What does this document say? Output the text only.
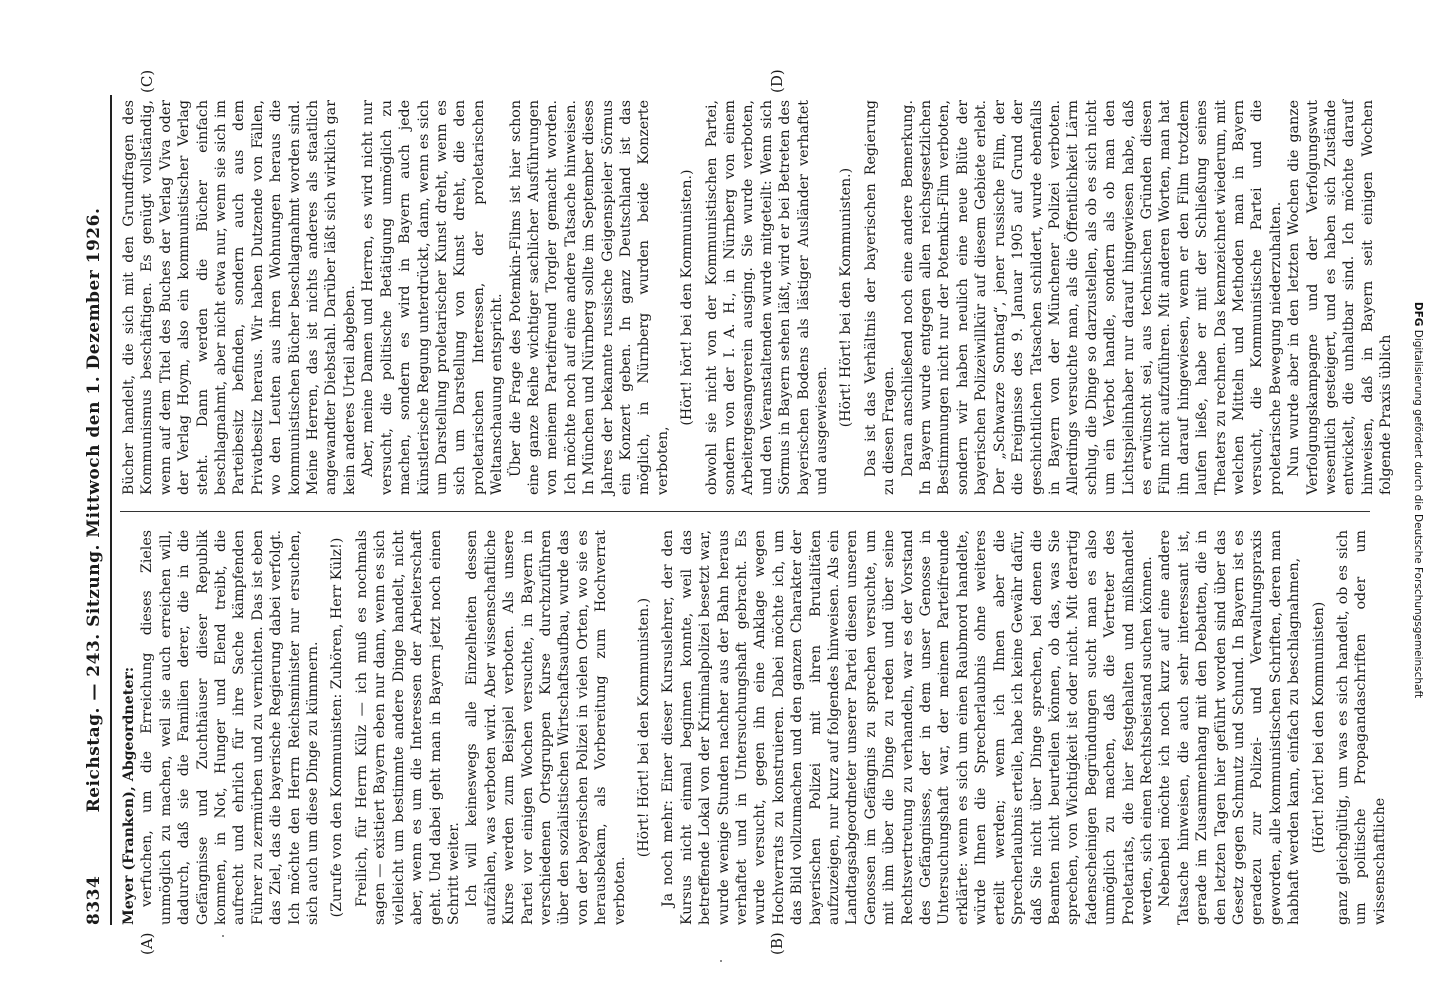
8334
Reichstag. — 243. Sitzung. Mittwoch den 1. Dezember 1926. Meyer (Franken), Abgeordneter: verfuchen, um die Erreichung dieses Zieles unmöglich zu machen, weil sie auch erreichen will, dadurch, daß sie die Familien derer, die in die Gefängnisse und Zuchthäuser dieser Republik kommen, in Not, Hunger und Elend treibt, die aufrecht und ehrlich für ihre Sache kämpfenden Führer zu zermürben und zu vernichten. Das ist eben das Ziel, das die bayerische Regierung dabei verfolgt. Ich möchte den Herrn Reichsminister nur ersuchen, sich auch um diese Dinge zu kümmern. (Zurufe von den Kommunisten: Zuhören, Herr Külz!) Freilich, für Herrn Külz — ich muß es nochmals sagen — existiert Bayern eben nur dann, wenn es sich vielleicht um bestimmte andere Dinge handelt, nicht aber, wenn es um die Interessen der Arbeiterschaft geht. Und dabei geht man in Bayern jetzt noch einen Schritt weiter. Ich will keineswegs alle Einzelheiten dessen aufzählen, was verboten wird. Aber wissenschaftliche Kurse werden zum Beispiel verboten. Als unsere Partei vor einigen Wochen versuchte, in Bayern in verschiedenen Ortsgruppen Kurse durchzuführen über den sozialistischen Wirtschaftsaufbau, wurde das von der bayerischen Polizei in vielen Orten, wo sie es herausbekam, als Vorbereitung zum Hochverrat verboten.

(Hört! Hört! bei den Kommunisten.) Ja noch mehr: Einer dieser Kursuslehrer, der den Kursus nicht einmal beginnen konnte, weil das betreffende Lokal von der Kriminalpolizei besetzt war, wurde wenige Stunden nachher aus der Bahn heraus verhaftet und in Untersuchungshaft gebracht. Es wurde versucht, gegen ihn eine Anklage wegen Hochverrats zu konstruieren. Dabei möchte ich, um das Bild vollzumachen und den ganzen Charakter der bayerischen Polizei mit ihren Brutalitäten aufzuzeigen, nur kurz auf folgendes hinweisen. Als ein Landtagsabgeordneter unserer Partei diesen unseren Genossen im Gefängnis zu sprechen versuchte, um mit ihm über die Dinge zu reden und über seine Rechtsvertretung zu verhandeln, war es der Vorstand des Gefängnisses, der in dem unser Genosse in Untersuchungshaft war, der meinem Parteifreunde erklärte: wenn es sich um einen Raubmord handelte, würde Ihnen die Sprecherlaubnis ohne weiteres erteilt werden; wenn ich Ihnen aber die Sprecherlaubnis erteile, habe ich keine Gewähr dafür, daß Sie nicht über Dinge sprechen, bei denen die Beamten nicht beurteilen können, ob das, was Sie sprechen, von Wichtigkeit ist oder nicht. Mit derartig fadenscheinigen Begründungen sucht man es also unmöglich zu machen, daß die Vertreter des Proletariats, die hier festgehalten und mißhandelt werden, sich einen Rechtsbeistand suchen können. Nebenbei möchte ich noch kurz auf eine andere Tatsache hinweisen, die auch sehr interessant ist, gerade im Zusammenhang mit den Debatten, die in den letzten Tagen hier geführt worden sind über das Gesetz gegen Schmutz und Schund. In Bayern ist es geradezu zur Polizei- und Verwaltungspraxis geworden, alle kommunistischen Schriften, deren man habhaft werden kann, einfach zu beschlagnahmen, (Hört! hört! bei den Kommunisten) ganz gleichgültig, um was es sich handelt, ob es sich um politische Propagandaschriften oder um wissenschaftliche

Bücher handelt, die sich mit den Grundfragen des Kommunismus beschäftigen. Es genügt vollständig, wenn auf dem Titel des Buches der Verlag Viva oder der Verlag Hoym, also ein kommunistischer Verlag steht. Dann werden die Bücher einfach beschlagnahmt, aber nicht etwa nur, wenn sie sich im Parteibesitz befinden, sondern auch aus dem Privatbesitz heraus. Wir haben Dutzende von Fällen, wo den Leuten aus ihren Wohnungen heraus die kommunistischen Bücher beschlagnahmt worden sind. Meine Herren, das ist nichts anderes als staatlich angewandter Diebstahl. Darüber läßt sich wirklich gar kein anderes Urteil abgeben. Aber, meine Damen und Herren, es wird nicht nur versucht, die politische Betätigung unmöglich zu machen, sondern es wird in Bayern auch jede künstlerische Regung unterdrückt, dann, wenn es sich um Darstellung proletarischer Kunst dreht, wenn es sich um Darstellung von Kunst dreht, die den proletarischen Interessen, der proletarischen Weltanschauung entspricht. Über die Frage des Potemkin-Films ist hier schon eine ganze Reihe wichtiger sachlicher Ausführungen von meinem Parteifreund Torgler gemacht worden. Ich möchte noch auf eine andere Tatsache hinweisen. In München und Nürnberg sollte im September dieses Jahres der bekannte russische Geigenspieler Sörmus ein Konzert geben. In ganz Deutschland ist das möglich, in Nürnberg wurden beide Konzerte verboten,

(Hört! hört! bei den Kommunisten.) obwohl sie nicht von der Kommunistischen Partei, sondern von der I. A. H., in Nürnberg von einem Arbeitergesangverein ausging. Sie wurde verboten, und den Veranstaltenden wurde mitgeteilt: Wenn sich Sörmus in Bayern sehen läßt, wird er bei Betreten des bayerischen Bodens als lästiger Ausländer verhaftet und ausgewiesen.

(Hört! Hört! bei den Kommunisten.) Das ist das Verhältnis der bayerischen Regierung zu diesen Fragen. Daran anschließend noch eine andere Bemerkung. In Bayern wurde entgegen allen reichsgesetzlichen Bestimmungen nicht nur der Potemkin-Film verboten, sondern wir haben neulich eine neue Blüte der bayerischen Polizeiwillkür auf diesem Gebiete erlebt. Der „Schwarze Sonntag“, jener russische Film, der die Ereignisse des 9. Januar 1905 auf Grund der geschichtlichen Tatsachen schildert, wurde ebenfalls in Bayern von der Münchener Polizei verboten. Allerdings versuchte man, als die Öffentlichkeit Lärm schlug, die Dinge so darzustellen, als ob es sich nicht um ein Verbot handle, sondern als ob man den Lichtspielinhaber nur darauf hingewiesen habe, daß es erwünscht sei, aus technischen Gründen diesen Film nicht aufzuführen. Mit anderen Worten, man hat ihn darauf hingewiesen, wenn er den Film trotzdem laufen ließe, habe er mit der Schließung seines Theaters zu rechnen. Das kennzeichnet wiederum, mit welchen Mitteln und Methoden man in Bayern versucht, die Kommunistische Partei und die proletarische Bewegung niederzuhalten. Nun wurde aber in den letzten Wochen die ganze Verfolgungskampagne und der Verfolgungswut wesentlich gesteigert, und es haben sich Zustände entwickelt, die unhaltbar sind. Ich möchte darauf hinweisen, daß in Bayern seit einigen Wochen folgende Praxis üblich

(A)	(B)
(C)	(D)
DFG Digitalisierung gefördert durch die Deutsche Forschungsgemeinschaft
